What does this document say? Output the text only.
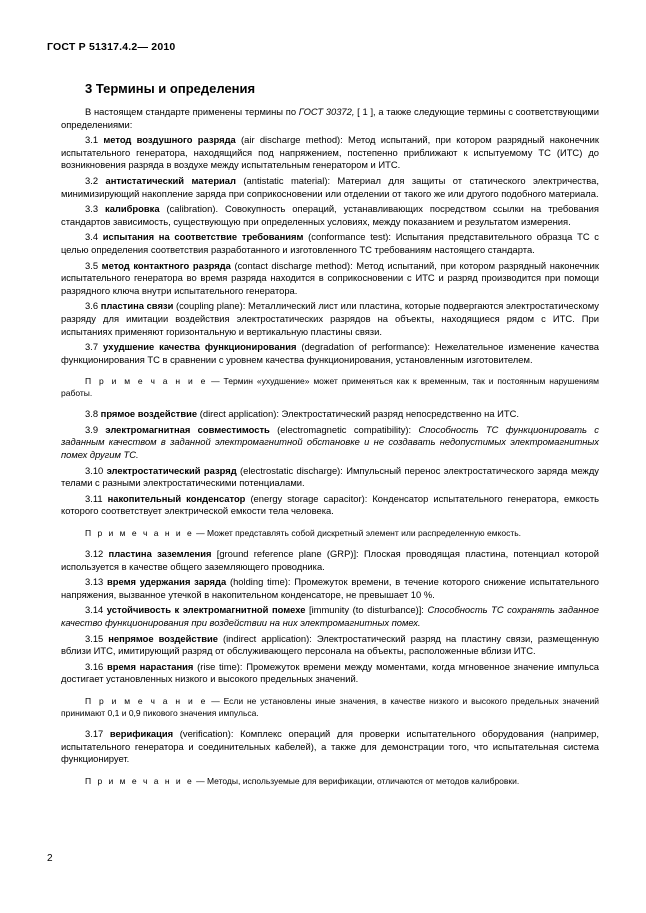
ГОСТ Р 51317.4.2— 2010
3 Термины и определения

В настоящем стандарте применены термины по ГОСТ 30372, [ 1 ], а также следующие термины с соответствующими определениями:

3.1 метод воздушного разряда (air discharge method): Метод испытаний, при котором разрядный наконечник испытательного генератора, находящийся под напряжением, постепенно приближают к испытуемому ТС (ИТС) до возникновения разряда в воздухе между испытательным генератором и ИТС.

3.2 антистатический материал (antistatic material): Материал для защиты от статического электричества, минимизирующий накопление заряда при соприкосновении или отделении от такого же или другого подобного материала.

3.3 калибровка (calibration). Совокупность операций, устанавливающих посредством ссылки на требования стандартов зависимость, существующую при определенных условиях, между показанием и результатом измерения.

3.4 испытания на соответствие требованиям (conformance test): Испытания представительного образца ТС с целью определения соответствия разработанного и изготовленного ТС требованиям настоящего стандарта.

3.5 метод контактного разряда (contact discharge method): Метод испытаний, при котором разрядный наконечник испытательного генератора во время разряда находится в соприкосновении с ИТС и разряд производится при помощи разрядного ключа внутри испытательного генератора.

3.6 пластина связи (coupling plane): Металлический лист или пластина, которые подвергаются электростатическому разряду для имитации воздействия электростатических разрядов на объекты, находящиеся рядом с ИТС. При испытаниях применяют горизонтальную и вертикальную пластины связи.

3.7 ухудшение качества функционирования (degradation of performance): Нежелательное изменение качества функционирования ТС в сравнении с уровнем качества функционирования, установленным изготовителем.

П р и м е ч а н и е — Термин «ухудшение» может применяться как к временным, так и постоянным нарушениям работы.

3.8 прямое воздействие (direct application): Электростатический разряд непосредственно на ИТС.

3.9 электромагнитная совместимость (electromagnetic compatibility): Способность ТС функционировать с заданным качеством в заданной электромагнитной обстановке и не создавать недопустимых электромагнитных помех другим ТС.

3.10 электростатический разряд (electrostatic discharge): Импульсный перенос электростатического заряда между телами с разными электростатическими потенциалами.

3.11 накопительный конденсатор (energy storage capacitor): Конденсатор испытательного генератора, емкость которого соответствует электрической емкости тела человека.

П р и м е ч а н и е — Может представлять собой дискретный элемент или распределенную емкость.

3.12 пластина заземления [ground reference plane (GRP)]: Плоская проводящая пластина, потенциал которой используется в качестве общего заземляющего проводника.

3.13 время удержания заряда (holding time): Промежуток времени, в течение которого снижение испытательного напряжения, вызванное утечкой в накопительном конденсаторе, не превышает 10 %.

3.14 устойчивость к электромагнитной помехе [immunity (to disturbance)]: Способность ТС сохранять заданное качество функционирования при воздействии на них электромагнитных помех.

3.15 непрямое воздействие (indirect application): Электростатический разряд на пластину связи, размещенную вблизи ИТС, имитирующий разряд от обслуживающего персонала на объекты, расположенные вблизи ИТС.

3.16 время нарастания (rise time): Промежуток времени между моментами, когда мгновенное значение импульса достигает установленных низкого и высокого предельных значений.

П р и м е ч а н и е — Если не установлены иные значения, в качестве низкого и высокого предельных значений принимают 0,1 и 0,9 пикового значения импульса.

3.17 верификация (verification): Комплекс операций для проверки испытательного оборудования (например, испытательного генератора и соединительных кабелей), а также для демонстрации того, что испытательная система функционирует.

П р и м е ч а н и е — Методы, используемые для верификации, отличаются от методов калибровки.

2
